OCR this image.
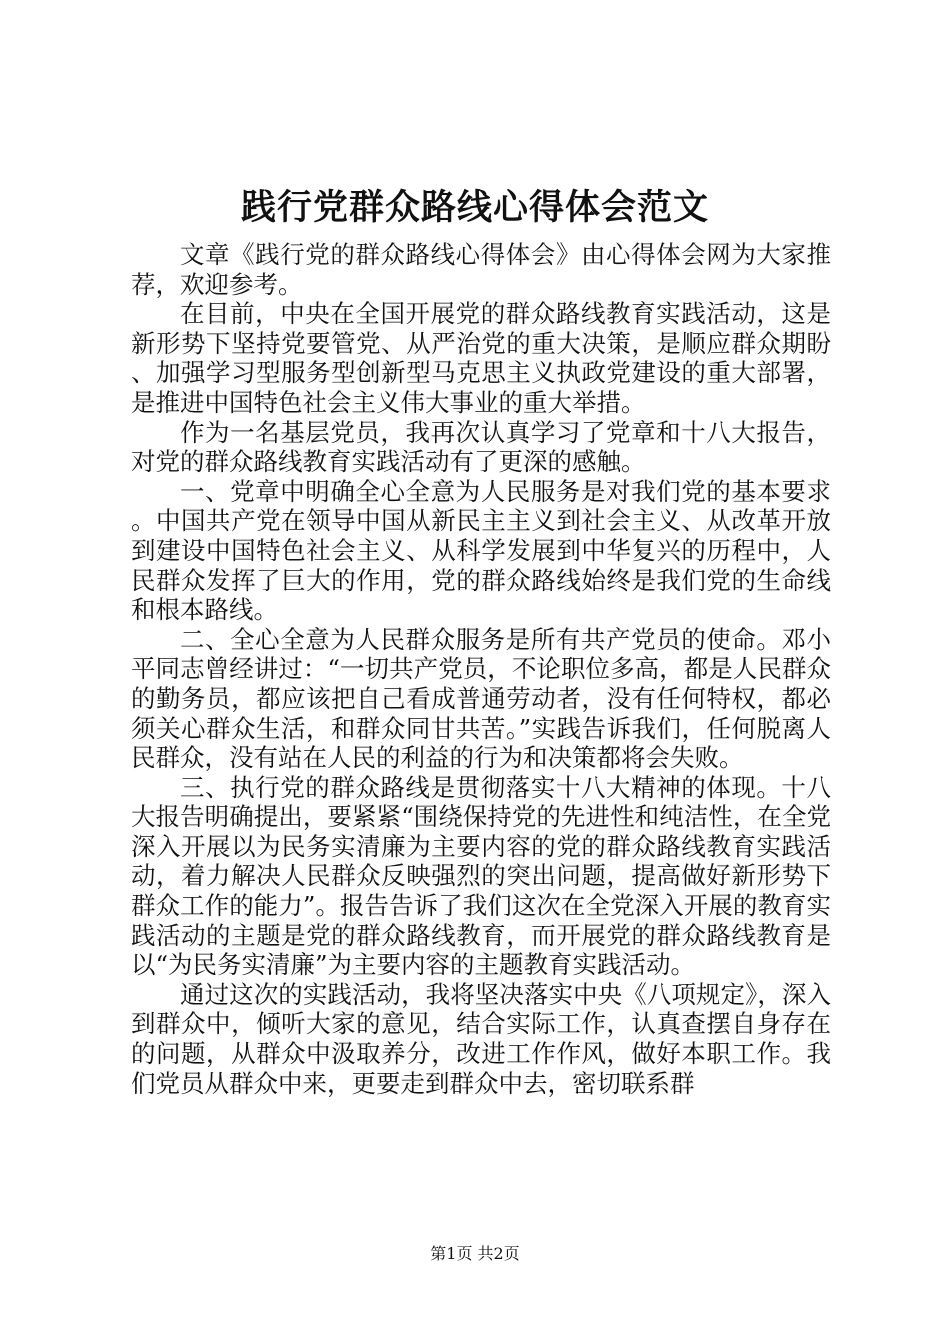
践行党群众路线心得体会范文

文章《践行党的群众路线心得体会》由心得体会网为大家推荐，欢迎参考。

在目前，中央在全国开展党的群众路线教育实践活动，这是新形势下坚持党要管党、从严治党的重大决策，是顺应群众期盼、加强学习型服务型创新型马克思主义执政党建设的重大部署，是推进中国特色社会主义伟大事业的重大举措。

作为一名基层党员，我再次认真学习了党章和十八大报告，对党的群众路线教育实践活动有了更深的感触。

一、党章中明确全心全意为人民服务是对我们党的基本要求。中国共产党在领导中国从新民主主义到社会主义、从改革开放到建设中国特色社会主义、从科学发展到中华复兴的历程中，人民群众发挥了巨大的作用，党的群众路线始终是我们党的生命线和根本路线。

二、全心全意为人民群众服务是所有共产党员的使命。邓小平同志曾经讲过：“一切共产党员，不论职位多高，都是人民群众的勤务员，都应该把自己看成普通劳动者，没有任何特权，都必须关心群众生活，和群众同甘共苦。”实践告诉我们，任何脱离人民群众，没有站在人民的利益的行为和决策都将会失败。

三、执行党的群众路线是贯彻落实十八大精神的体现。十八大报告明确提出，要紧紧“围绕保持党的先进性和纯洁性，在全党深入开展以为民务实清廉为主要内容的党的群众路线教育实践活动，着力解决人民群众反映强烈的突出问题，提高做好新形势下群众工作的能力”。报告告诉了我们这次在全党深入开展的教育实践活动的主题是党的群众路线教育，而开展党的群众路线教育是以“为民务实清廉”为主要内容的主题教育实践活动。

通过这次的实践活动，我将坚决落实中央《八项规定》，深入到群众中，倾听大家的意见，结合实际工作，认真查摆自身存在的问题，从群众中汲取养分，改进工作作风，做好本职工作。我们党员从群众中来，更要走到群众中去，密切联系群

第1页 共2页
